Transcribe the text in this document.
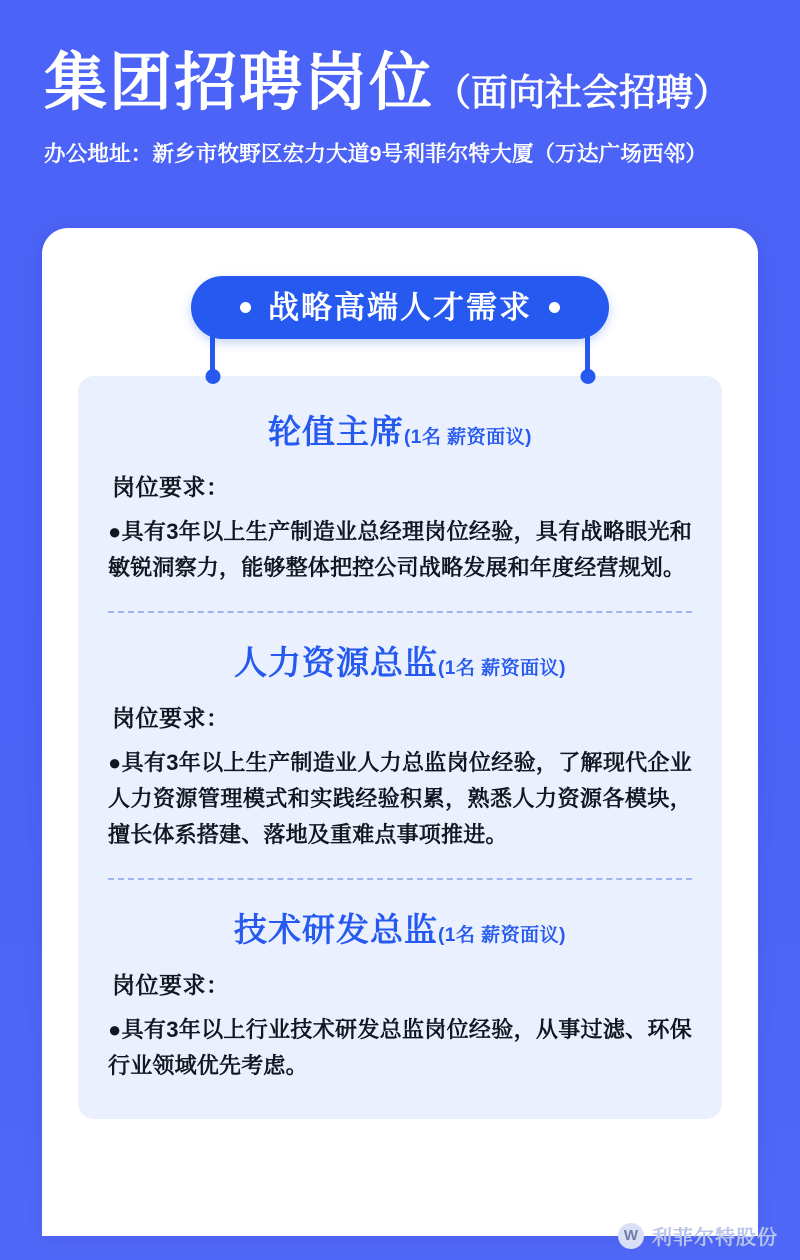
集团招聘岗位 （面向社会招聘）
办公地址：新乡市牧野区宏力大道9号利菲尔特大厦（万达广场西邻）
战略高端人才需求
轮值主席(1名 薪资面议)
岗位要求：
●具有3年以上生产制造业总经理岗位经验，具有战略眼光和敏锐洞察力，能够整体把控公司战略发展和年度经营规划。
人力资源总监(1名 薪资面议)
岗位要求：
●具有3年以上生产制造业人力总监岗位经验，了解现代企业人力资源管理模式和实践经验积累，熟悉人力资源各模块，擅长体系搭建、落地及重难点事项推进。
技术研发总监(1名 薪资面议)
岗位要求：
●具有3年以上行业技术研发总监岗位经验，从事过滤、环保行业领域优先考虑。
W 利菲尔特股份
